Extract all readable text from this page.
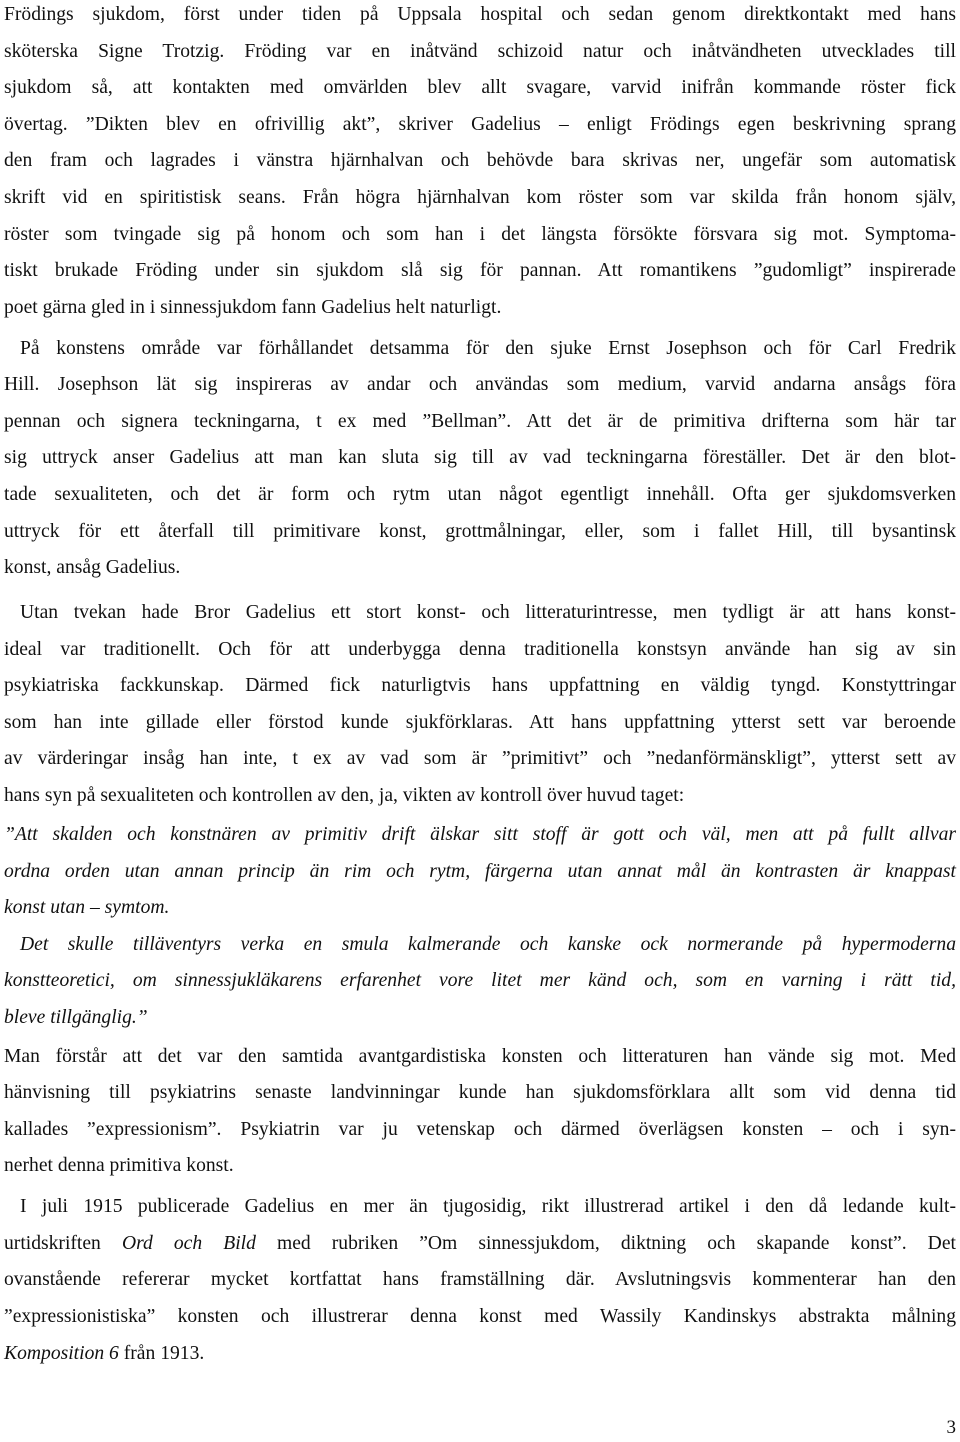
Frödings sjukdom, först under tiden på Uppsala hospital och sedan genom direktkontakt med hans
sköterska Signe Trotzig. Fröding var en inåtvänd schizoid natur och inåtvändheten utvecklades till
sjukdom så, att kontakten med omvärlden blev allt svagare, varvid inifrån kommande röster fick
övertag. ”Dikten blev en ofrivillig akt”, skriver Gadelius – enligt Frödings egen beskrivning sprang
den fram och lagrades i vänstra hjärnhalvan och behövde bara skrivas ner, ungefär som automatisk
skrift vid en spiritistisk seans. Från högra hjärnhalvan kom röster som var skilda från honom själv,
röster som tvingade sig på honom och som han i det längsta försökte försvara sig mot. Symptoma-
tiskt brukade Fröding under sin sjukdom slå sig för pannan. Att romantikens ”gudomligt” inspirerade
poet gärna gled in i sinnessjukdom fann Gadelius helt naturligt.
På konstens område var förhållandet detsamma för den sjuke Ernst Josephson och för Carl Fredrik
Hill. Josephson lät sig inspireras av andar och användas som medium, varvid andarna ansågs föra
pennan och signera teckningarna, t ex med ”Bellman”. Att det är de primitiva drifterna som här tar
sig uttryck anser Gadelius att man kan sluta sig till av vad teckningarna föreställer. Det är den blot-
tade sexualiteten, och det är form och rytm utan något egentligt innehåll. Ofta ger sjukdomsverken
uttryck för ett återfall till primitivare konst, grottmålningar, eller, som i fallet Hill, till bysantinsk
konst, ansåg Gadelius.
Utan tvekan hade Bror Gadelius ett stort konst- och litteraturintresse, men tydligt är att hans konst-
ideal var traditionellt. Och för att underbygga denna traditionella konstsyn använde han sig av sin
psykiatriska fackkunskap. Därmed fick naturligtvis hans uppfattning en väldig tyngd. Konstyttringar
som han inte gillade eller förstod kunde sjukförklaras. Att hans uppfattning ytterst sett var beroende
av värderingar insåg han inte, t ex av vad som är ”primitivt” och ”nedanförmänskligt”, ytterst sett av
hans syn på sexualiteten och kontrollen av den, ja, vikten av kontroll över huvud taget:
”Att skalden och konstnären av primitiv drift älskar sitt stoff är gott och väl, men att på fullt allvar
ordna orden utan annan princip än rim och rytm, färgerna utan annat mål än kontrasten är knappast
konst utan – symtom.
Det skulle tilläventyrs verka en smula kalmerande och kanske ock normerande på hypermoderna
konstteoretici, om sinnessjukläkarens erfarenhet vore litet mer känd och, som en varning i rätt tid,
bleve tillgänglig.”
Man förstår att det var den samtida avantgardistiska konsten och litteraturen han vände sig mot. Med
hänvisning till psykiatrins senaste landvinningar kunde han sjukdomsförklara allt som vid denna tid
kallades ”expressionism”. Psykiatrin var ju vetenskap och därmed överlägsen konsten – och i syn-
nerhet denna primitiva konst.
I juli 1915 publicerade Gadelius en mer än tjugosidig, rikt illustrerad artikel i den då ledande kult-
urtidskriften Ord och Bild med rubriken ”Om sinnessjukdom, diktning och skapande konst”. Det
ovanstående refererar mycket kortfattat hans framställning där. Avslutningsvis kommenterar han den
”expressionistiska” konsten och illustrerar denna konst med Wassily Kandinskys abstrakta målning
Komposition 6 från 1913.
3
